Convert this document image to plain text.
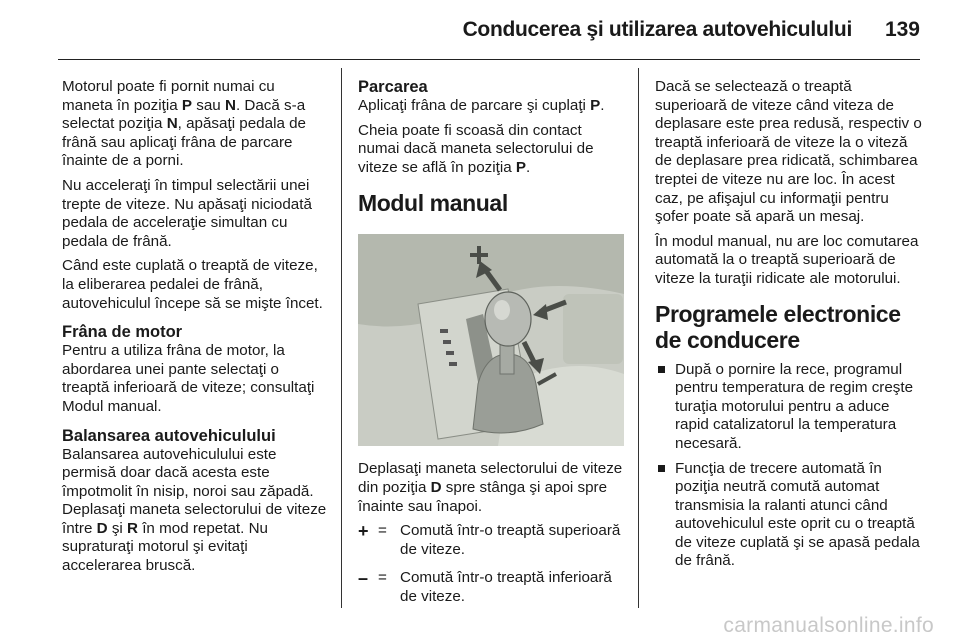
Conducerea şi utilizarea autovehiculului 139

Motorul poate fi pornit numai cu maneta în poziţia P sau N. Dacă s-a selectat poziţia N, apăsaţi pedala de frână sau aplicaţi frâna de parcare înainte de a porni.

Nu acceleraţi în timpul selectării unei trepte de viteze. Nu apăsaţi niciodată pedala de acceleraţie simultan cu pedala de frână.

Când este cuplată o treaptă de viteze, la eliberarea pedalei de frână, autovehiculul începe să se mişte încet.

Frâna de motor

Pentru a utiliza frâna de motor, la abordarea unei pante selectaţi o treaptă inferioară de viteze; consultaţi Modul manual.

Balansarea autovehiculului

Balansarea autovehiculului este permisă doar dacă acesta este împotmolit în nisip, noroi sau zăpadă. Deplasaţi maneta selectorului de viteze între D şi R în mod repetat. Nu supraturaţi motorul şi evitaţi accelerarea bruscă.

Parcarea

Aplicaţi frâna de parcare şi cuplaţi P.

Cheia poate fi scoasă din contact numai dacă maneta selectorului de viteze se află în poziţia P.

Modul manual

Deplasaţi maneta selectorului de viteze din poziţia D spre stânga şi apoi spre înainte sau înapoi.

+ = Comută într-o treaptă superioară de viteze.
– = Comută într-o treaptă inferioară de viteze.

Dacă se selectează o treaptă superioară de viteze când viteza de deplasare este prea redusă, respectiv o treaptă inferioară de viteze la o viteză de deplasare prea ridicată, schimbarea treptei de viteze nu are loc. În acest caz, pe afişajul cu informaţii pentru şofer poate să apară un mesaj.

În modul manual, nu are loc comutarea automată la o treaptă superioară de viteze la turaţii ridicate ale motorului.

Programele electronice de conducere
După o pornire la rece, programul pentru temperatura de regim creşte turaţia motorului pentru a aduce rapid catalizatorul la temperatura necesară.
Funcţia de trecere automată în poziţia neutră comută automat transmisia la ralanti atunci când autovehiculul este oprit cu o treaptă de viteze cuplată şi se apasă pedala de frână.
carmanualsonline.info
